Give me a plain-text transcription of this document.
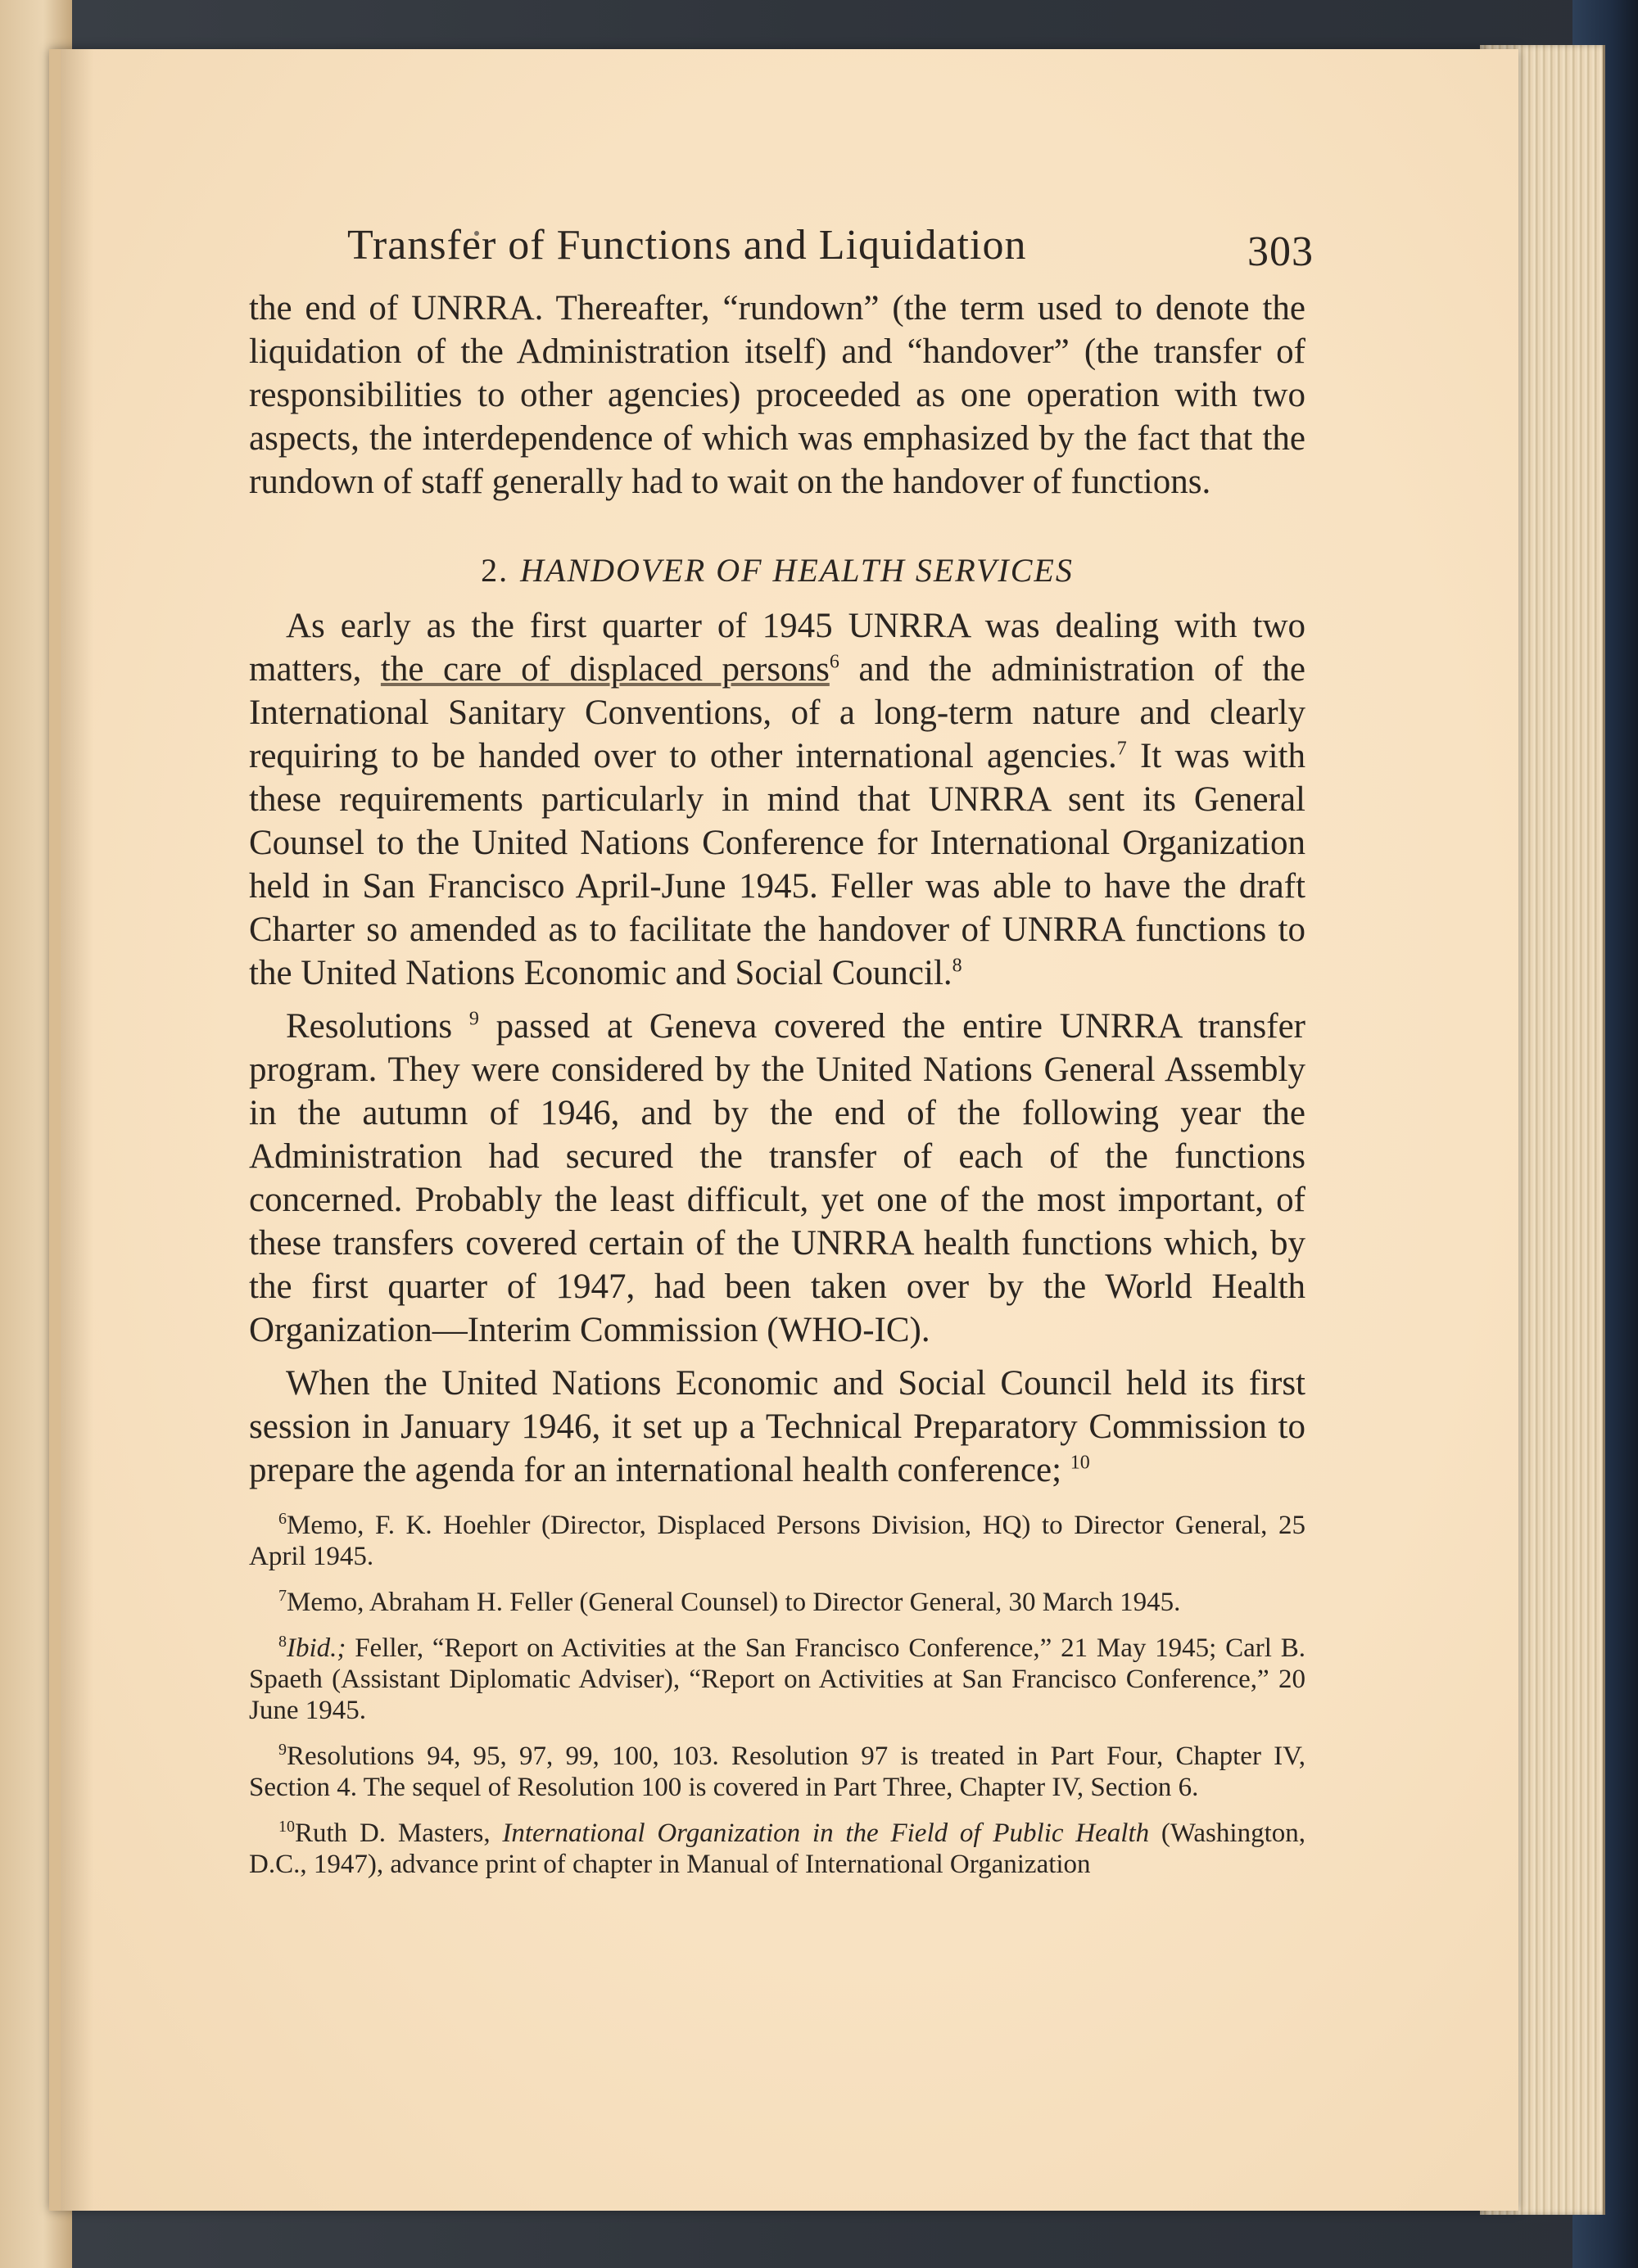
Transfer of Functions and Liquidation	303

the end of UNRRA. Thereafter, “rundown” (the term used to denote the liquidation of the Administration itself) and “handover” (the transfer of responsibilities to other agencies) proceeded as one operation with two aspects, the interdependence of which was emphasized by the fact that the rundown of staff generally had to wait on the handover of functions.

2. HANDOVER OF HEALTH SERVICES

As early as the first quarter of 1945 UNRRA was dealing with two matters, the care of displaced persons$^6$ and the administration of the International Sanitary Conventions, of a long-term nature and clearly requiring to be handed over to other international agencies.$^7$ It was with these requirements particularly in mind that UNRRA sent its General Counsel to the United Nations Conference for International Organization held in San Francisco April-June 1945. Feller was able to have the draft Charter so amended as to facilitate the handover of UNRRA functions to the United Nations Economic and Social Council.$^8$

Resolutions $^9$ passed at Geneva covered the entire UNRRA transfer program. They were considered by the United Nations General Assembly in the autumn of 1946, and by the end of the following year the Administration had secured the transfer of each of the functions concerned. Probably the least difficult, yet one of the most important, of these transfers covered certain of the UNRRA health functions which, by the first quarter of 1947, had been taken over by the World Health Organization—Interim Commission (WHO-IC).

When the United Nations Economic and Social Council held its first session in January 1946, it set up a Technical Preparatory Commission to prepare the agenda for an international health conference; $^{10}$

$^6$Memo, F. K. Hoehler (Director, Displaced Persons Division, HQ) to Director General, 25 April 1945.
$^7$Memo, Abraham H. Feller (General Counsel) to Director General, 30 March 1945.
$^8$Ibid.; Feller, “Report on Activities at the San Francisco Conference,” 21 May 1945; Carl B. Spaeth (Assistant Diplomatic Adviser), “Report on Activities at San Francisco Conference,” 20 June 1945.
$^9$Resolutions 94, 95, 97, 99, 100, 103. Resolution 97 is treated in Part Four, Chapter IV, Section 4. The sequel of Resolution 100 is covered in Part Three, Chapter IV, Section 6.
$^{10}$Ruth D. Masters, International Organization in the Field of Public Health (Washington, D.C., 1947), advance print of chapter in Manual of International Organization
